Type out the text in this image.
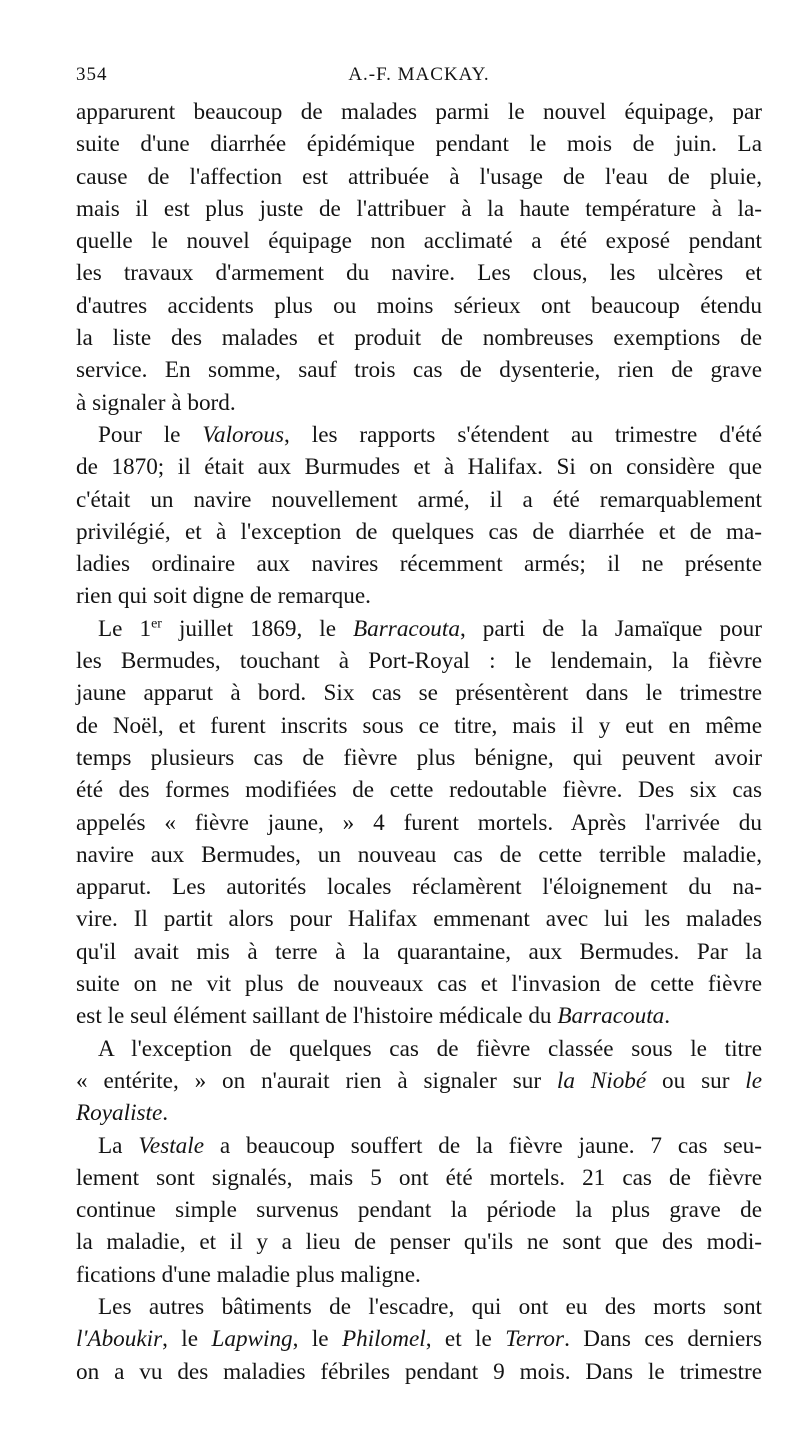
354	A.-F. MACKAY.
apparurent beaucoup de malades parmi le nouvel équipage, par
suite d'une diarrhée épidémique pendant le mois de juin. La
cause de l'affection est attribuée à l'usage de l'eau de pluie,
mais il est plus juste de l'attribuer à la haute température à la-
quelle le nouvel équipage non acclimaté a été exposé pendant
les travaux d'armement du navire. Les clous, les ulcères et
d'autres accidents plus ou moins sérieux ont beaucoup étendu
la liste des malades et produit de nombreuses exemptions de
service. En somme, sauf trois cas de dysenterie, rien de grave
à signaler à bord.
Pour le Valorous, les rapports s'étendent au trimestre d'été
de 1870; il était aux Burmudes et à Halifax. Si on considère que
c'était un navire nouvellement armé, il a été remarquablement
privilégié, et à l'exception de quelques cas de diarrhée et de ma-
ladies ordinaire aux navires récemment armés; il ne présente
rien qui soit digne de remarque.
Le 1er juillet 1869, le Barracouta, parti de la Jamaïque pour
les Bermudes, touchant à Port-Royal : le lendemain, la fièvre
jaune apparut à bord. Six cas se présentèrent dans le trimestre
de Noël, et furent inscrits sous ce titre, mais il y eut en même
temps plusieurs cas de fièvre plus bénigne, qui peuvent avoir
été des formes modifiées de cette redoutable fièvre. Des six cas
appelés « fièvre jaune, » 4 furent mortels. Après l'arrivée du
navire aux Bermudes, un nouveau cas de cette terrible maladie,
apparut. Les autorités locales réclamèrent l'éloignement du na-
vire. Il partit alors pour Halifax emmenant avec lui les malades
qu'il avait mis à terre à la quarantaine, aux Bermudes. Par la
suite on ne vit plus de nouveaux cas et l'invasion de cette fièvre
est le seul élément saillant de l'histoire médicale du Barracouta.
A l'exception de quelques cas de fièvre classée sous le titre
« entérite, » on n'aurait rien à signaler sur la Niobé ou sur le
Royaliste.
La Vestale a beaucoup souffert de la fièvre jaune. 7 cas seu-
lement sont signalés, mais 5 ont été mortels. 21 cas de fièvre
continue simple survenus pendant la période la plus grave de
la maladie, et il y a lieu de penser qu'ils ne sont que des modi-
fications d'une maladie plus maligne.
Les autres bâtiments de l'escadre, qui ont eu des morts sont
l'Aboukir, le Lapwing, le Philomel, et le Terror. Dans ces derniers
on a vu des maladies fébriles pendant 9 mois. Dans le trimestre
